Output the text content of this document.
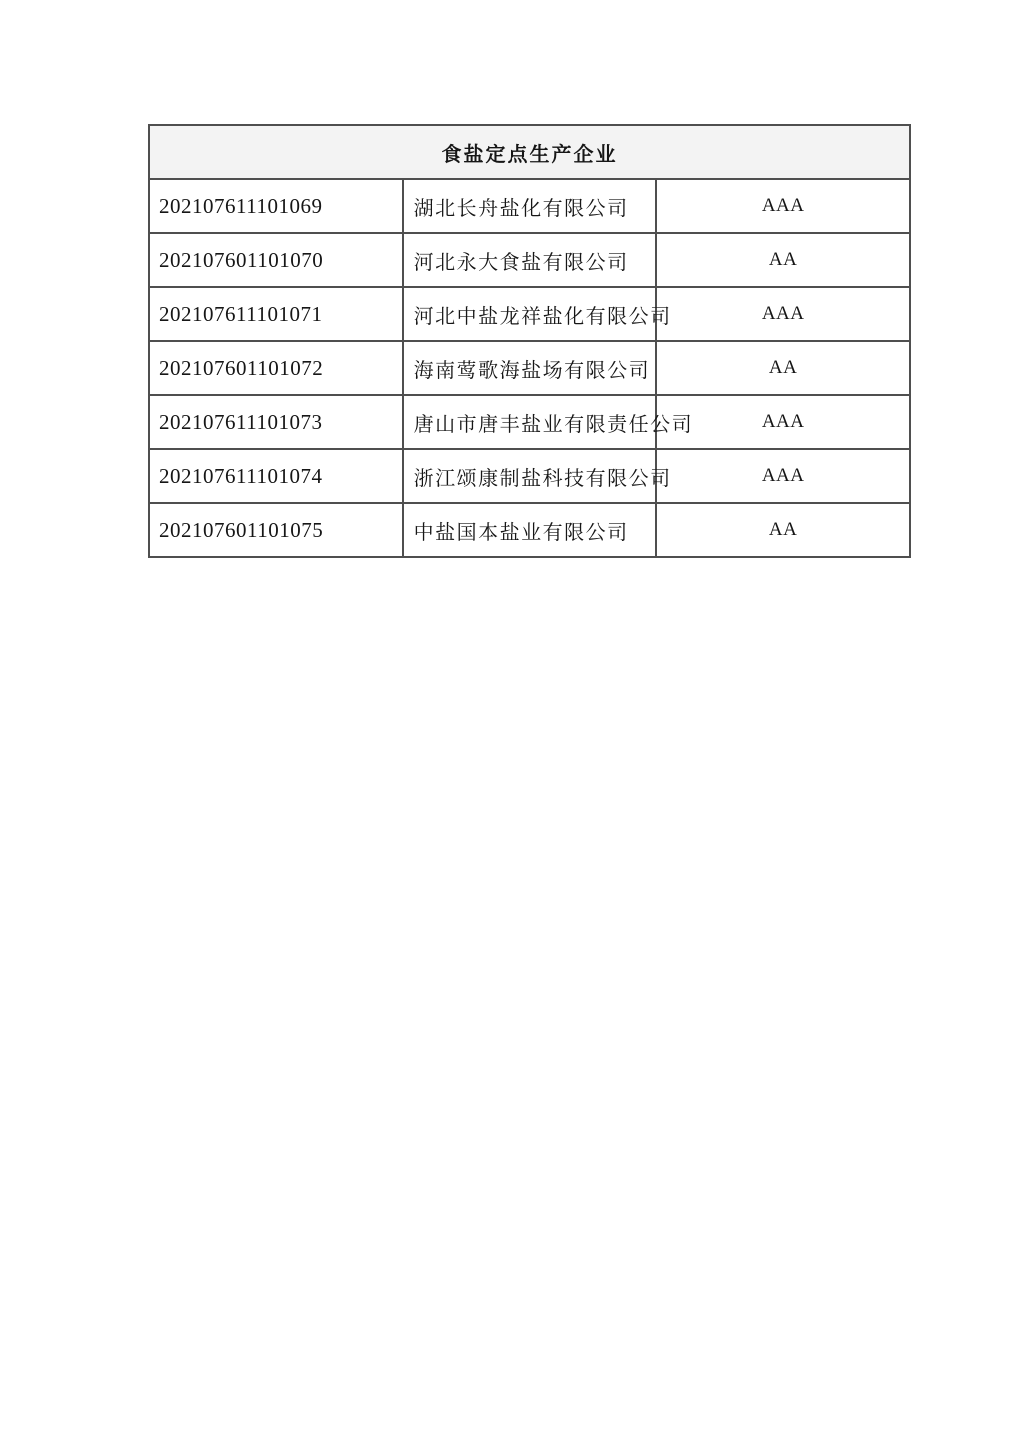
食盐定点生产企业		
202107611101069	湖北长舟盐化有限公司	AAA
202107601101070	河北永大食盐有限公司	AA
202107611101071	河北中盐龙祥盐化有限公司	AAA
202107601101072	海南莺歌海盐场有限公司	AA
202107611101073	唐山市唐丰盐业有限责任公司	AAA
202107611101074	浙江颂康制盐科技有限公司	AAA
202107601101075	中盐国本盐业有限公司	AA
